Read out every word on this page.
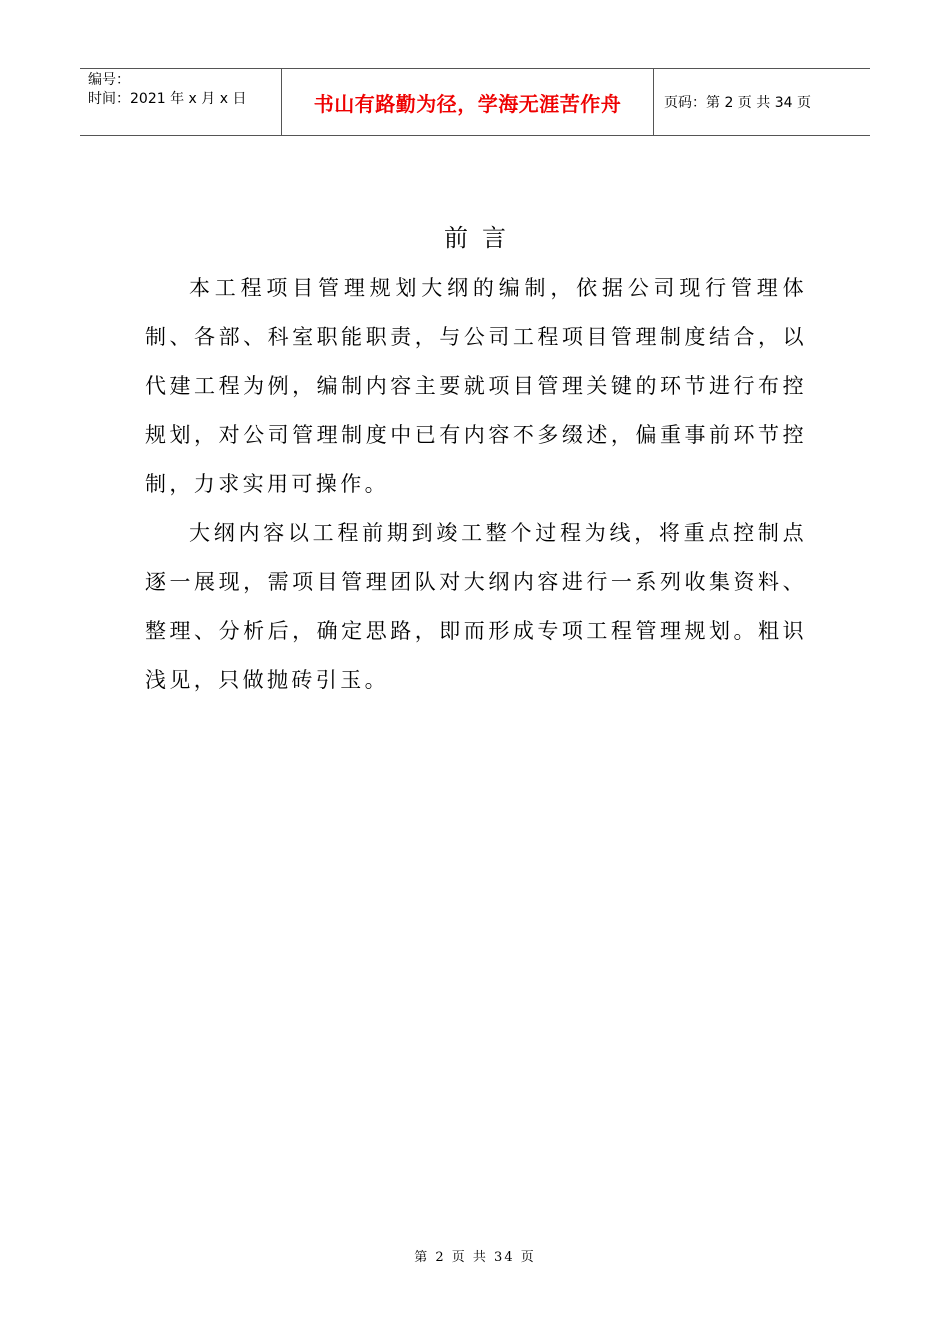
编号：
时间：2021 年 x 月 x 日	书山有路勤为径，学海无涯苦作舟	页码：第 2 页 共 34 页
前言

本工程项目管理规划大纲的编制，依据公司现行管理体制、各部、科室职能职责，与公司工程项目管理制度结合，以代建工程为例，编制内容主要就项目管理关键的环节进行布控规划，对公司管理制度中已有内容不多缀述，偏重事前环节控制，力求实用可操作。

大纲内容以工程前期到竣工整个过程为线，将重点控制点逐一展现，需项目管理团队对大纲内容进行一系列收集资料、整理、分析后，确定思路，即而形成专项工程管理规划。粗识浅见，只做抛砖引玉。

第 2 页 共 34 页
